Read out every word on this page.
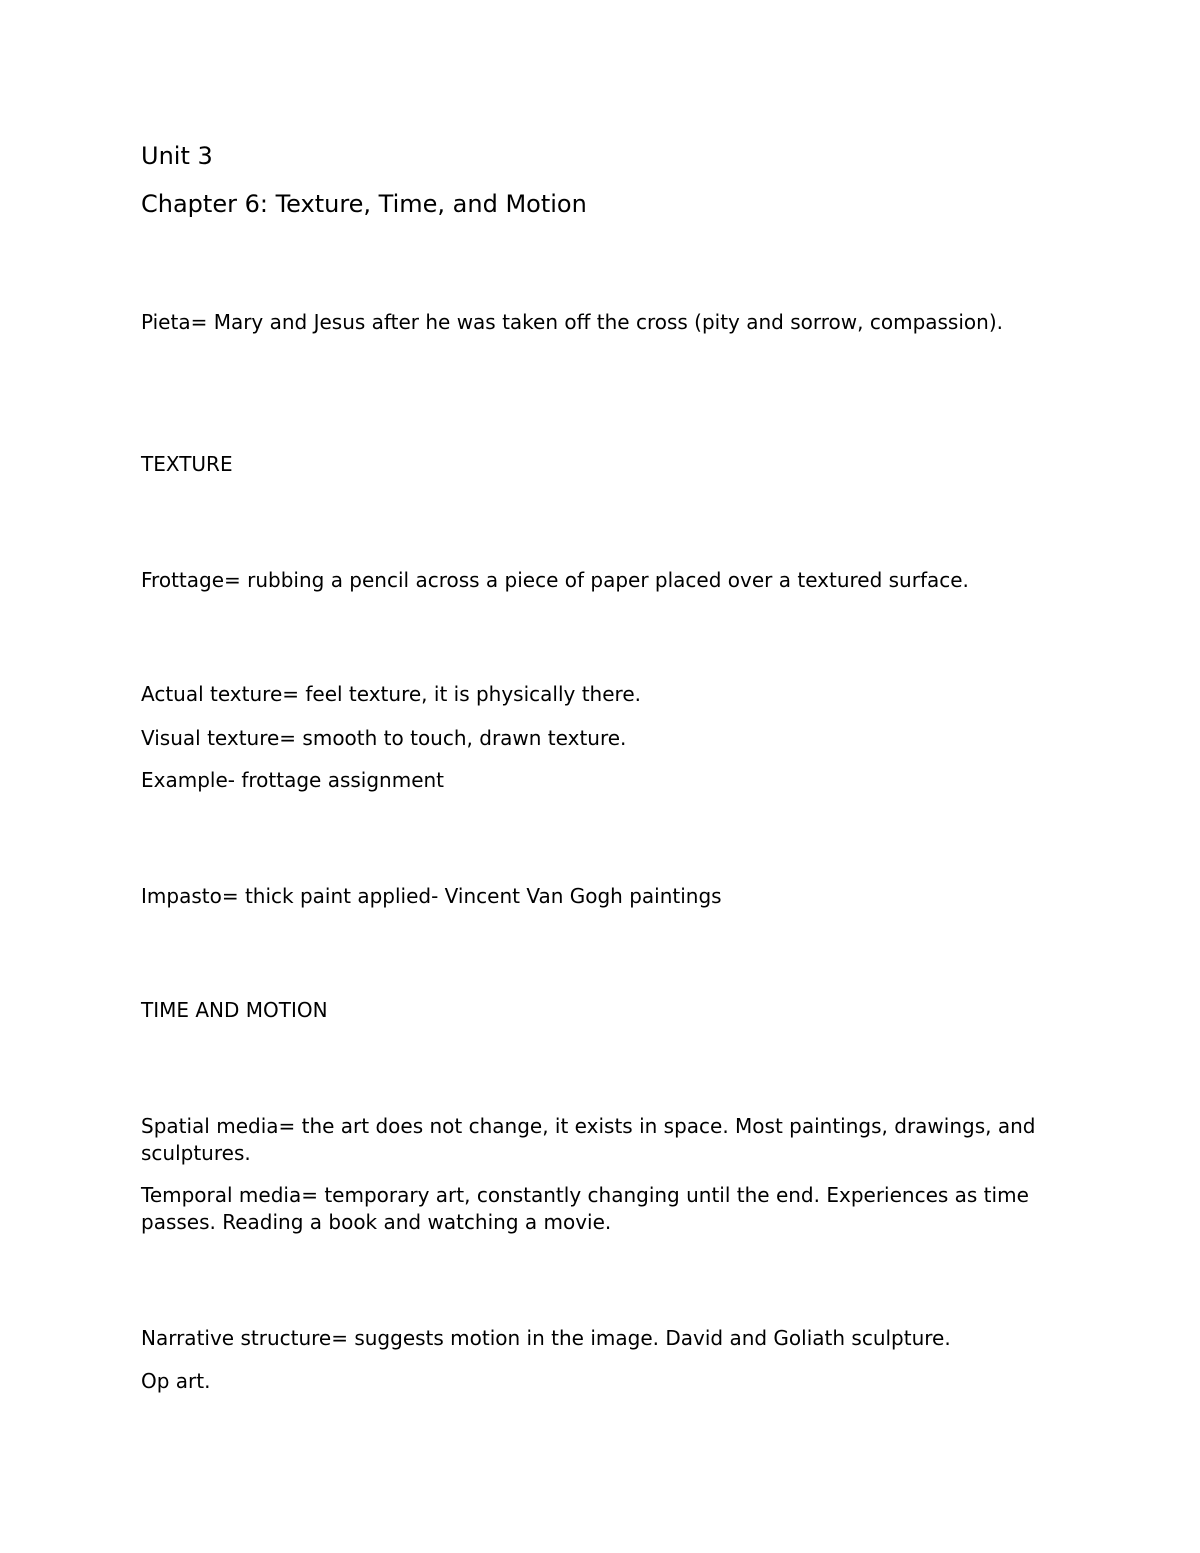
Unit 3
Chapter 6: Texture, Time, and Motion
Pieta= Mary and Jesus after he was taken off the cross (pity and sorrow, compassion).
TEXTURE
Frottage= rubbing a pencil across a piece of paper placed over a textured surface.
Actual texture= feel texture, it is physically there.
Visual texture= smooth to touch, drawn texture.
Example- frottage assignment
Impasto= thick paint applied- Vincent Van Gogh paintings
TIME AND MOTION
Spatial media= the art does not change, it exists in space. Most paintings, drawings, and sculptures.
Temporal media= temporary art, constantly changing until the end. Experiences as time passes. Reading a book and watching a movie.
Narrative structure= suggests motion in the image. David and Goliath sculpture.
Op art.
